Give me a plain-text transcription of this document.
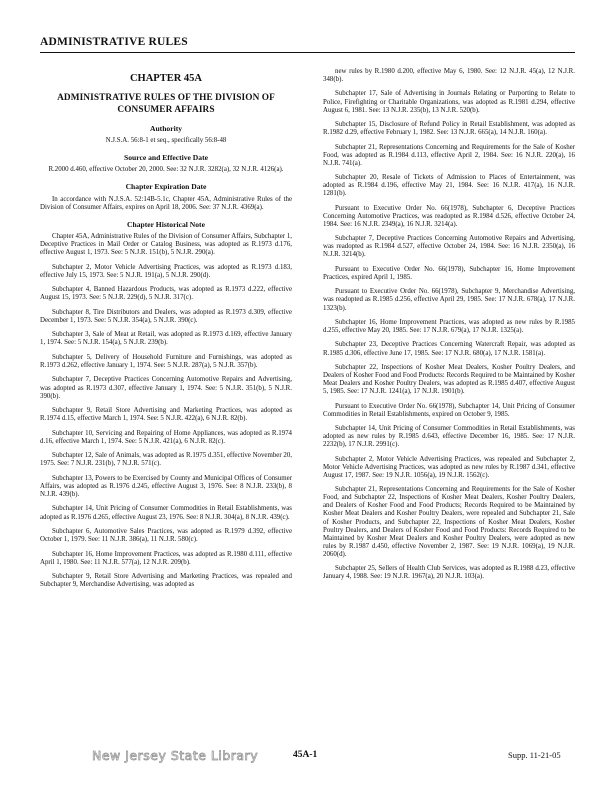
ADMINISTRATIVE RULES
CHAPTER 45A
ADMINISTRATIVE RULES OF THE DIVISION OF CONSUMER AFFAIRS
Authority
N.J.S.A. 56:8-1 et seq., specifically 56:8-48
Source and Effective Date
R.2000 d.460, effective October 20, 2000. See: 32 N.J.R. 3282(a), 32 N.J.R. 4126(a).
Chapter Expiration Date

In accordance with N.J.S.A. 52:14B-5.1c, Chapter 45A, Administrative Rules of the Division of Consumer Affairs, expires on April 18, 2006. See: 37 N.J.R. 4369(a).

Chapter Historical Note

Chapter 45A, Administrative Rules of the Division of Consumer Affairs, Subchapter 1, Deceptive Practices in Mail Order or Catalog Business, was adopted as R.1973 d.176, effective August 1, 1973. See: 5 N.J.R. 151(b), 5 N.J.R. 290(a).

Subchapter 2, Motor Vehicle Advertising Practices, was adopted as R.1973 d.183, effective July 15, 1973. See: 5 N.J.R. 191(a), 5 N.J.R. 290(d).

Subchapter 4, Banned Hazardous Products, was adopted as R.1973 d.222, effective August 15, 1973. See: 5 N.J.R. 229(d), 5 N.J.R. 317(c).

Subchapter 8, Tire Distributors and Dealers, was adopted as R.1973 d.309, effective December 1, 1973. See: 5 N.J.R. 354(a), 5 N.J.R. 390(c).

Subchapter 3, Sale of Meat at Retail, was adopted as R.1973 d.169, effective January 1, 1974. See: 5 N.J.R. 154(a), 5 N.J.R. 239(b).

Subchapter 5, Delivery of Household Furniture and Furnishings, was adopted as R.1973 d.262, effective January 1, 1974. See: 5 N.J.R. 287(a), 5 N.J.R. 357(b).

Subchapter 7, Deceptive Practices Concerning Automotive Repairs and Advertising, was adopted as R.1973 d.307, effective January 1, 1974. See: 5 N.J.R. 351(b), 5 N.J.R. 390(b).

Subchapter 9, Retail Store Advertising and Marketing Practices, was adopted as R.1974 d.15, effective March 1, 1974. See: 5 N.J.R. 422(a), 6 N.J.R. 82(b).

Subchapter 10, Servicing and Repairing of Home Appliances, was adopted as R.1974 d.16, effective March 1, 1974. See: 5 N.J.R. 421(a), 6 N.J.R. 82(c).

Subchapter 12, Sale of Animals, was adopted as R.1975 d.351, effective November 20, 1975. See: 7 N.J.R. 231(b), 7 N.J.R. 571(c).

Subchapter 13, Powers to be Exercised by County and Municipal Offices of Consumer Affairs, was adopted as R.1976 d.245, effective August 3, 1976. See: 8 N.J.R. 233(b), 8 N.J.R. 439(b).

Subchapter 14, Unit Pricing of Consumer Commodities in Retail Establishments, was adopted as R.1976 d.265, effective August 23, 1976. See: 8 N.J.R. 304(a), 8 N.J.R. 439(c).

Subchapter 6, Automotive Sales Practices, was adopted as R.1979 d.392, effective October 1, 1979. See: 11 N.J.R. 386(a), 11 N.J.R. 580(c).

Subchapter 16, Home Improvement Practices, was adopted as R.1980 d.111, effective April 1, 1980. See: 11 N.J.R. 577(a), 12 N.J.R. 209(b).

Subchapter 9, Retail Store Advertising and Marketing Practices, was repealed and Subchapter 9, Merchandise Advertising, was adopted as

new rules by R.1980 d.200, effective May 6, 1980. See: 12 N.J.R. 45(a), 12 N.J.R. 348(b).

Subchapter 17, Sale of Advertising in Journals Relating or Purporting to Relate to Police, Firefighting or Charitable Organizations, was adopted as R.1981 d.294, effective August 6, 1981. See: 13 N.J.R. 235(b), 13 N.J.R. 520(b).

Subchapter 15, Disclosure of Refund Policy in Retail Establishment, was adopted as R.1982 d.29, effective February 1, 1982. See: 13 N.J.R. 665(a), 14 N.J.R. 160(a).

Subchapter 21, Representations Concerning and Requirements for the Sale of Kosher Food, was adopted as R.1984 d.113, effective April 2, 1984. See: 16 N.J.R. 220(a), 16 N.J.R. 741(a).

Subchapter 20, Resale of Tickets of Admission to Places of Entertainment, was adopted as R.1984 d.196, effective May 21, 1984. See: 16 N.J.R. 417(a), 16 N.J.R. 1281(b).

Pursuant to Executive Order No. 66(1978), Subchapter 6, Deceptive Practices Concerning Automotive Practices, was readopted as R.1984 d.526, effective October 24, 1984. See: 16 N.J.R. 2349(a), 16 N.J.R. 3214(a).

Subchapter 7, Deceptive Practices Concerning Automotive Repairs and Advertising, was readopted as R.1984 d.527, effective October 24, 1984. See: 16 N.J.R. 2350(a), 16 N.J.R. 3214(b).

Pursuant to Executive Order No. 66(1978), Subchapter 16, Home Improvement Practices, expired April 1, 1985.

Pursuant to Executive Order No. 66(1978), Subchapter 9, Merchandise Advertising, was readopted as R.1985 d.256, effective April 29, 1985. See: 17 N.J.R. 678(a), 17 N.J.R. 1323(b).

Subchapter 16, Home Improvement Practices, was adopted as new rules by R.1985 d.255, effective May 20, 1985. See: 17 N.J.R. 679(a), 17 N.J.R. 1325(a).

Subchapter 23, Deceptive Practices Concerning Watercraft Repair, was adopted as R.1985 d.306, effective June 17, 1985. See: 17 N.J.R. 680(a), 17 N.J.R. 1581(a).

Subchapter 22, Inspections of Kosher Meat Dealers, Kosher Poultry Dealers, and Dealers of Kosher Food and Food Products: Records Required to be Maintained by Kosher Meat Dealers and Kosher Poultry Dealers, was adopted as R.1985 d.407, effective August 5, 1985. See: 17 N.J.R. 1241(a), 17 N.J.R. 1901(b).

Pursuant to Executive Order No. 66(1978), Subchapter 14, Unit Pricing of Consumer Commodities in Retail Establishments, expired on October 9, 1985.

Subchapter 14, Unit Pricing of Consumer Commodities in Retail Establishments, was adopted as new rules by R.1985 d.643, effective December 16, 1985. See: 17 N.J.R. 2232(b), 17 N.J.R. 2991(c).

Subchapter 2, Motor Vehicle Advertising Practices, was repealed and Subchapter 2, Motor Vehicle Advertising Practices, was adopted as new rules by R.1987 d.341, effective August 17, 1987. See: 19 N.J.R. 1056(a), 19 N.J.R. 1562(c).

Subchapter 21, Representations Concerning and Requirements for the Sale of Kosher Food, and Subchapter 22, Inspections of Kosher Meat Dealers, Kosher Poultry Dealers, and Dealers of Kosher Food and Food Products; Records Required to be Maintained by Kosher Meat Dealers and Kosher Poultry Dealers, were repealed and Subchapter 21, Sale of Kosher Products, and Subchapter 22, Inspections of Kosher Meat Dealers, Kosher Poultry Dealers, and Dealers of Kosher Food and Food Products: Records Required to be Maintained by Kosher Meat Dealers and Kosher Poultry Dealers, were adopted as new rules by R.1987 d.450, effective November 2, 1987. See: 19 N.J.R. 1069(a), 19 N.J.R. 2060(d).

Subchapter 25, Sellers of Health Club Services, was adopted as R.1988 d.23, effective January 4, 1988. See: 19 N.J.R. 1967(a), 20 N.J.R. 103(a).

New Jersey State Library	45A-1	Supp. 11-21-05
